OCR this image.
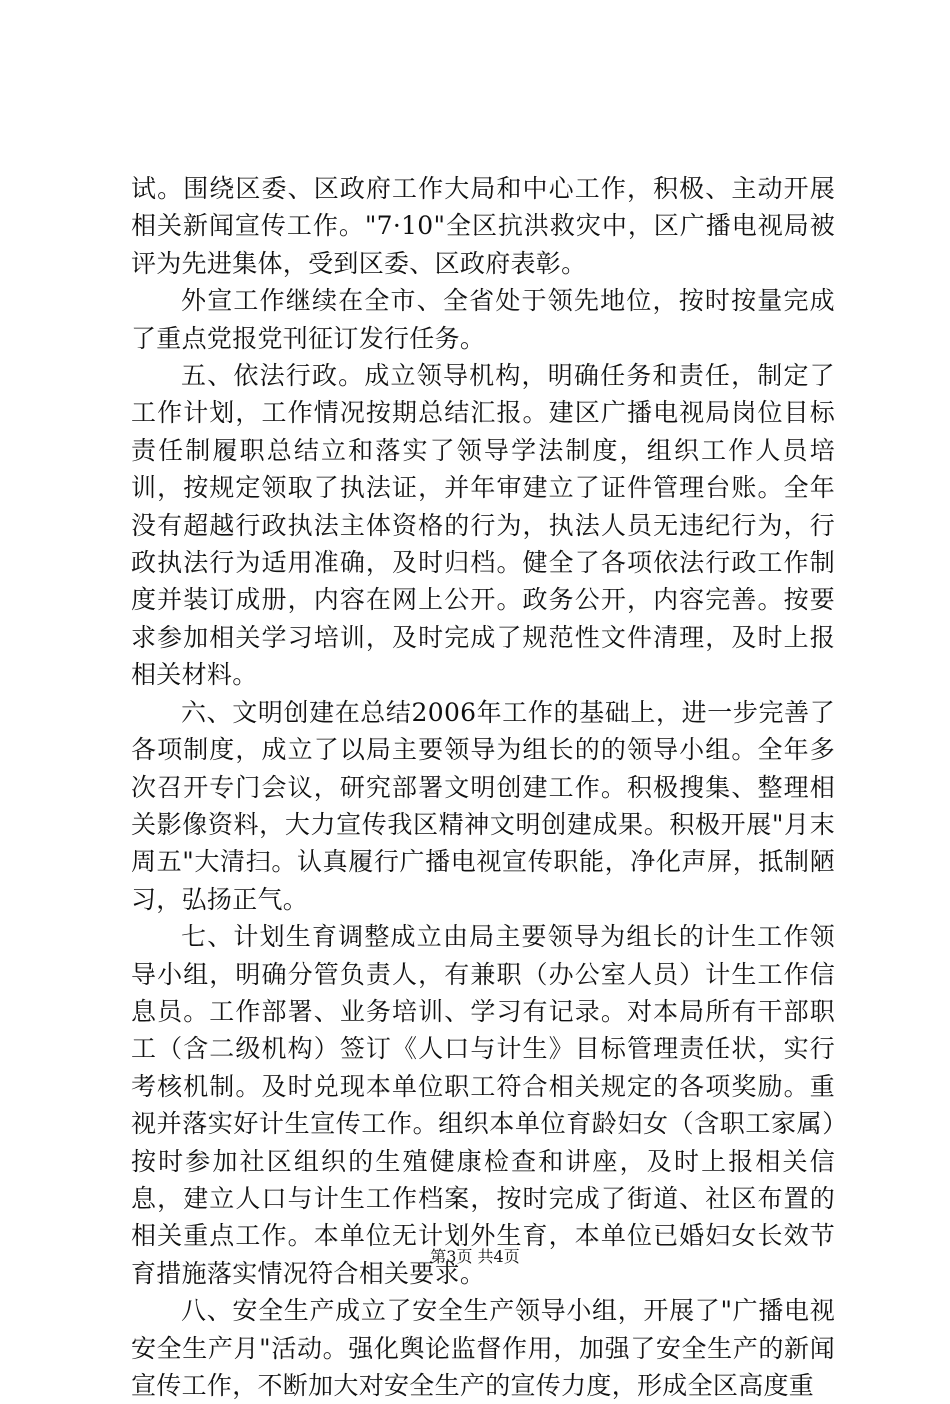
试。围绕区委、区政府工作大局和中心工作，积极、主动开展相关新闻宣传工作。"7·10"全区抗洪救灾中，区广播电视局被评为先进集体，受到区委、区政府表彰。

外宣工作继续在全市、全省处于领先地位，按时按量完成了重点党报党刊征订发行任务。

五、依法行政。成立领导机构，明确任务和责任，制定了工作计划，工作情况按期总结汇报。建区广播电视局岗位目标责任制履职总结立和落实了领导学法制度，组织工作人员培训，按规定领取了执法证，并年审建立了证件管理台账。全年没有超越行政执法主体资格的行为，执法人员无违纪行为，行政执法行为适用准确，及时归档。健全了各项依法行政工作制度并装订成册，内容在网上公开。政务公开，内容完善。按要求参加相关学习培训，及时完成了规范性文件清理，及时上报相关材料。

六、文明创建在总结2006年工作的基础上，进一步完善了各项制度，成立了以局主要领导为组长的的领导小组。全年多次召开专门会议，研究部署文明创建工作。积极搜集、整理相关影像资料，大力宣传我区精神文明创建成果。积极开展"月末周五"大清扫。认真履行广播电视宣传职能，净化声屏，抵制陋习，弘扬正气。

七、计划生育调整成立由局主要领导为组长的计生工作领导小组，明确分管负责人，有兼职（办公室人员）计生工作信息员。工作部署、业务培训、学习有记录。对本局所有干部职工（含二级机构）签订《人口与计生》目标管理责任状，实行考核机制。及时兑现本单位职工符合相关规定的各项奖励。重视并落实好计生宣传工作。组织本单位育龄妇女（含职工家属）按时参加社区组织的生殖健康检查和讲座，及时上报相关信息，建立人口与计生工作档案，按时完成了街道、社区布置的相关重点工作。本单位无计划外生育，本单位已婚妇女长效节育措施落实情况符合相关要求。

八、安全生产成立了安全生产领导小组，开展了"广播电视安全生产月"活动。强化舆论监督作用，加强了安全生产的新闻宣传工作，不断加大对安全生产的宣传力度，形成全区高度重

第3页 共4页
